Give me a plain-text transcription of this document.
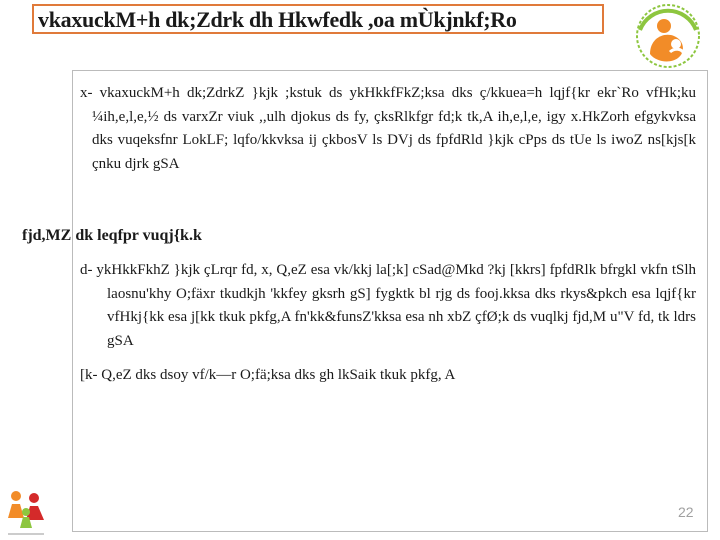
vkaxuckM+h dk;Zdrk dh Hkwfedk ,oa mÙkjnkf;Ro

x- vkaxuckM+h dk;ZdrkZ }kjk ;kstuk ds ykHkkfFkZ;ksa dks ç/kkuea=h lqjf{kr ekr`Ro vfHk;ku ¼ih,e,l,e,½ ds varxZr viuk ,,ulh djokus ds fy, çksRlkfgr fd;k tk,A ih,e,l,e, igy x.HkZorh efgykvksa dks vuqeksfnr LokLF; lqfo/kkvksa ij çkbosV ls DVj ds fpfdRld }kjk cPps ds tUe ls iwoZ ns[kjs[k çnku djrk gSA

fjd,MZ dk leqfpr vuqj{k.k

d- ykHkkFkhZ }kjk çLrqr fd, x, Q,eZ esa vk/kkj la[;k] cSad@Mkd ?kj [kkrs] fpfdRlk bfrgkl vkfn tSlh laosnu'khy O;fäxr tkudkjh 'kkfey gksrh gS] fygktk bl rjg ds fooj.kksa dks rkys&pkch esa lqjf{kr vfHkj{kk esa j[kk tkuk pkfg,A fn'kk&funsZ'kksa esa nh xbZ çfØ;k ds vuqlkj fjd,M u"V fd, tk ldrs gSA

[k- Q,eZ dks dsoy vf/k—r O;fä;ksa dks gh lkSaik tkuk pkfg, A

22
